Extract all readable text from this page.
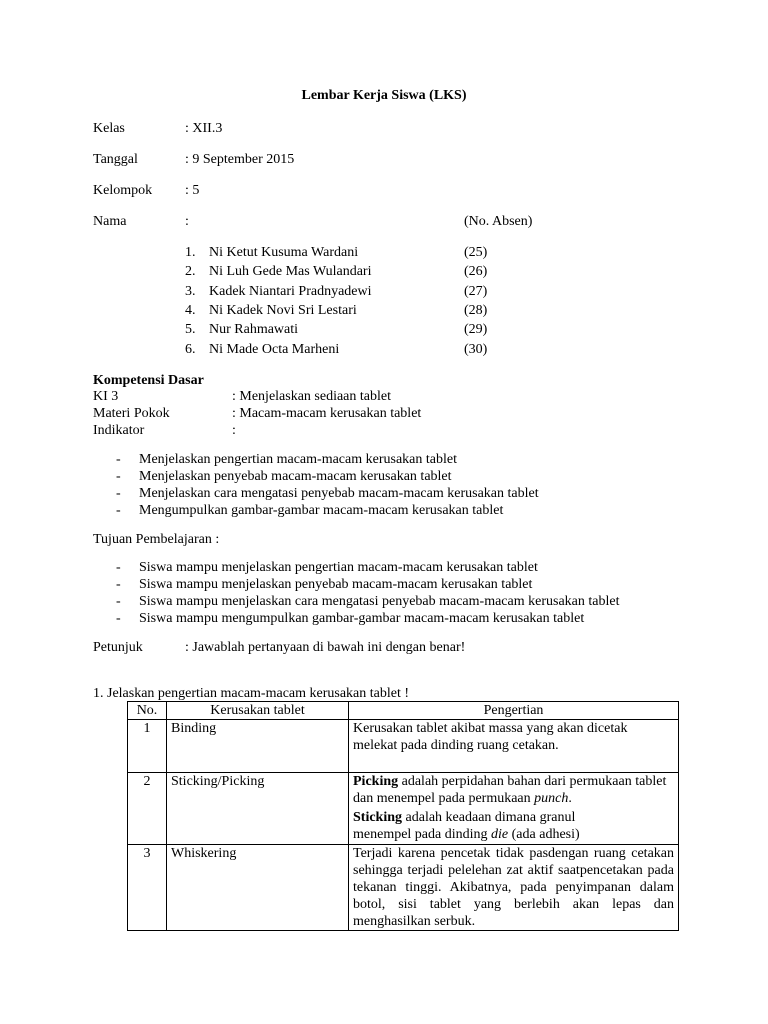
Lembar Kerja Siswa (LKS)
Kelas	: XII.3
Tanggal	: 9 September 2015
Kelompok : 5
Nama	:	(No. Absen)
1. Ni Ketut Kusuma Wardani	(25)
2. Ni Luh Gede Mas Wulandari	(26)
3. Kadek Niantari Pradnyadewi	(27)
4. Ni Kadek Novi Sri Lestari	(28)
5. Nur Rahmawati	(29)
6. Ni Made Octa Marheni	(30)
Kompetensi Dasar
KI 3	: Menjelaskan sediaan tablet
Materi Pokok	: Macam-macam kerusakan tablet
Indikator	:
- Menjelaskan pengertian macam-macam kerusakan tablet
- Menjelaskan penyebab macam-macam kerusakan tablet
- Menjelaskan cara mengatasi penyebab macam-macam kerusakan tablet
- Mengumpulkan gambar-gambar macam-macam kerusakan tablet
Tujuan Pembelajaran :
- Siswa mampu menjelaskan pengertian macam-macam kerusakan tablet
- Siswa mampu menjelaskan penyebab macam-macam kerusakan tablet
- Siswa mampu menjelaskan cara mengatasi penyebab macam-macam kerusakan tablet
- Siswa mampu mengumpulkan gambar-gambar macam-macam kerusakan tablet
Petunjuk	: Jawablah pertanyaan di bawah ini dengan benar!
1. Jelaskan pengertian macam-macam kerusakan tablet !
No.	Kerusakan tablet	Pengertian
1	Binding	Kerusakan tablet akibat massa yang akan dicetak
melekat pada dinding ruang cetakan.

2	Sticking/Picking	Picking adalah perpidahan bahan dari permukaan tablet dan menempel pada permukaan punch.
Sticking adalah keadaan dimana granul
menempel pada dinding die (ada adhesi)

3	Whiskering	Terjadi karena pencetak tidak pasdengan ruang cetakan sehingga terjadi pelelehan zat aktif saatpencetakan pada tekanan tinggi. Akibatnya, pada penyimpanan dalam botol, sisi tablet yang berlebih akan lepas dan menghasilkan serbuk.
